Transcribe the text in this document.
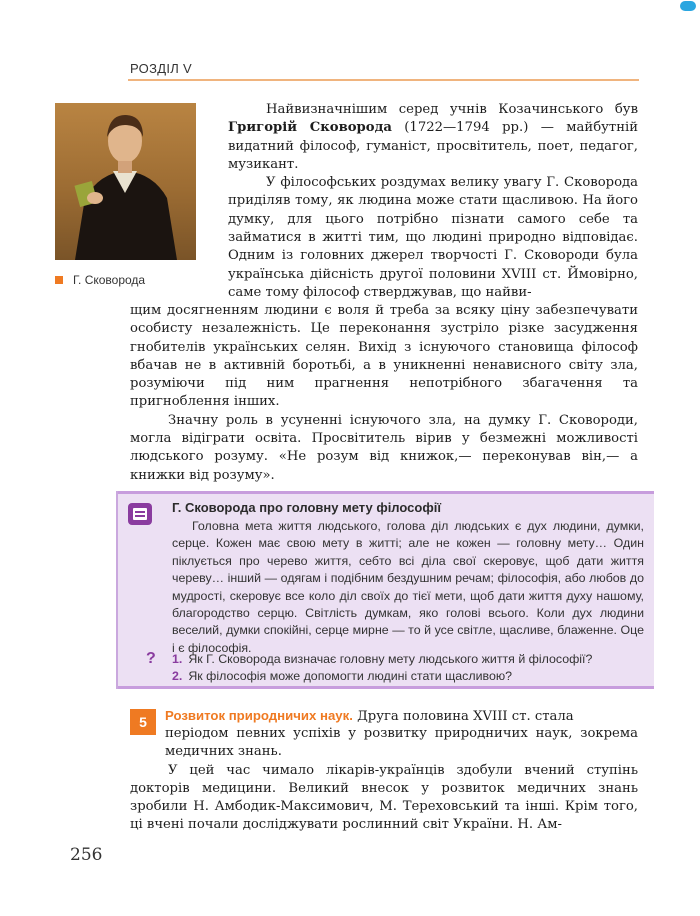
РОЗДІЛ V
Г. Сковорода

Найвизначнішим серед учнів Козачинського був Григорій Сковорода (1722—1794 рр.) — майбутній видатний філософ, гуманіст, просвітитель, поет, педагог, музикант.

У філософських роздумах велику увагу Г. Сковорода приділяв тому, як людина може стати щасливою. На його думку, для цього потрібно пізнати самого себе та займатися в житті тим, що людині природно відповідає. Одним із головних джерел творчості Г. Сковороди була українська дійсність другої половини XVIII ст. Ймовірно, саме тому філософ стверджував, що найви-

щим досягненням людини є воля й треба за всяку ціну забезпечувати особисту незалежність. Це переконання зустріло різке засудження гнобителів українських селян. Вихід з існуючого становища філософ вбачав не в активній боротьбі, а в уникненні ненависного світу зла, розуміючи під ним прагнення непотрібного збагачення та пригноблення інших.

Значну роль в усуненні існуючого зла, на думку Г. Сковороди, могла відіграти освіта. Просвітитель вірив у безмежні можливості людського розуму. «Не розум від книжок,— переконував він,— а книжки від розуму».

Г. Сковорода про головну мету філософії

Головна мета життя людського, голова діл людських є дух людини, думки, серце. Кожен має свою мету в житті; але не кожен — головну мету… Один піклується про черево життя, себто всі діла свої скеровує, щоб дати життя череву… інший — одягам і подібним бездушним речам; філософія, або любов до мудрості, скеровує все коло діл своїх до тієї мети, щоб дати життя духу нашому, благородство серцю. Світлість думкам, яко голові всього. Коли дух людини веселий, думки спокійні, серце мирне — то й усе світле, щасливе, блаженне. Оце і є філософія.

? 1. Як Г. Сковорода визначає головну мету людського життя й філософії?
2. Як філософія може допомогти людині стати щасливою?
5	Розвиток природничих наук. Друга половина XVIII ст. стала

періодом певних успіхів у розвитку природничих наук, зокрема медичних знань.

У цей час чимало лікарів-українців здобули вчений ступінь докторів медицини. Великий внесок у розвиток медичних знань зробили Н. Амбодик-Максимович, М. Тереховський та інші. Крім того, ці вчені почали досліджувати рослинний світ України. Н. Ам-

256
